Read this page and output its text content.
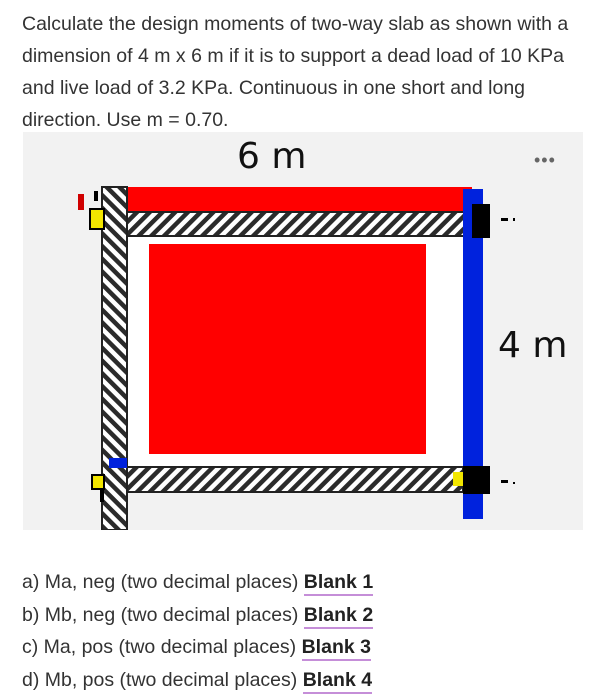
Calculate the design moments of two-way slab as shown with a dimension of 4 m x 6 m if it is to support a dead load of 10 KPa and live load of 3.2 KPa. Continuous in one short and long direction. Use m = 0.70.
6 m
4 m
•••
a) Ma, neg (two decimal places) Blank 1
b) Mb, neg (two decimal places) Blank 2
c) Ma, pos (two decimal places) Blank 3
d) Mb, pos (two decimal places) Blank 4
